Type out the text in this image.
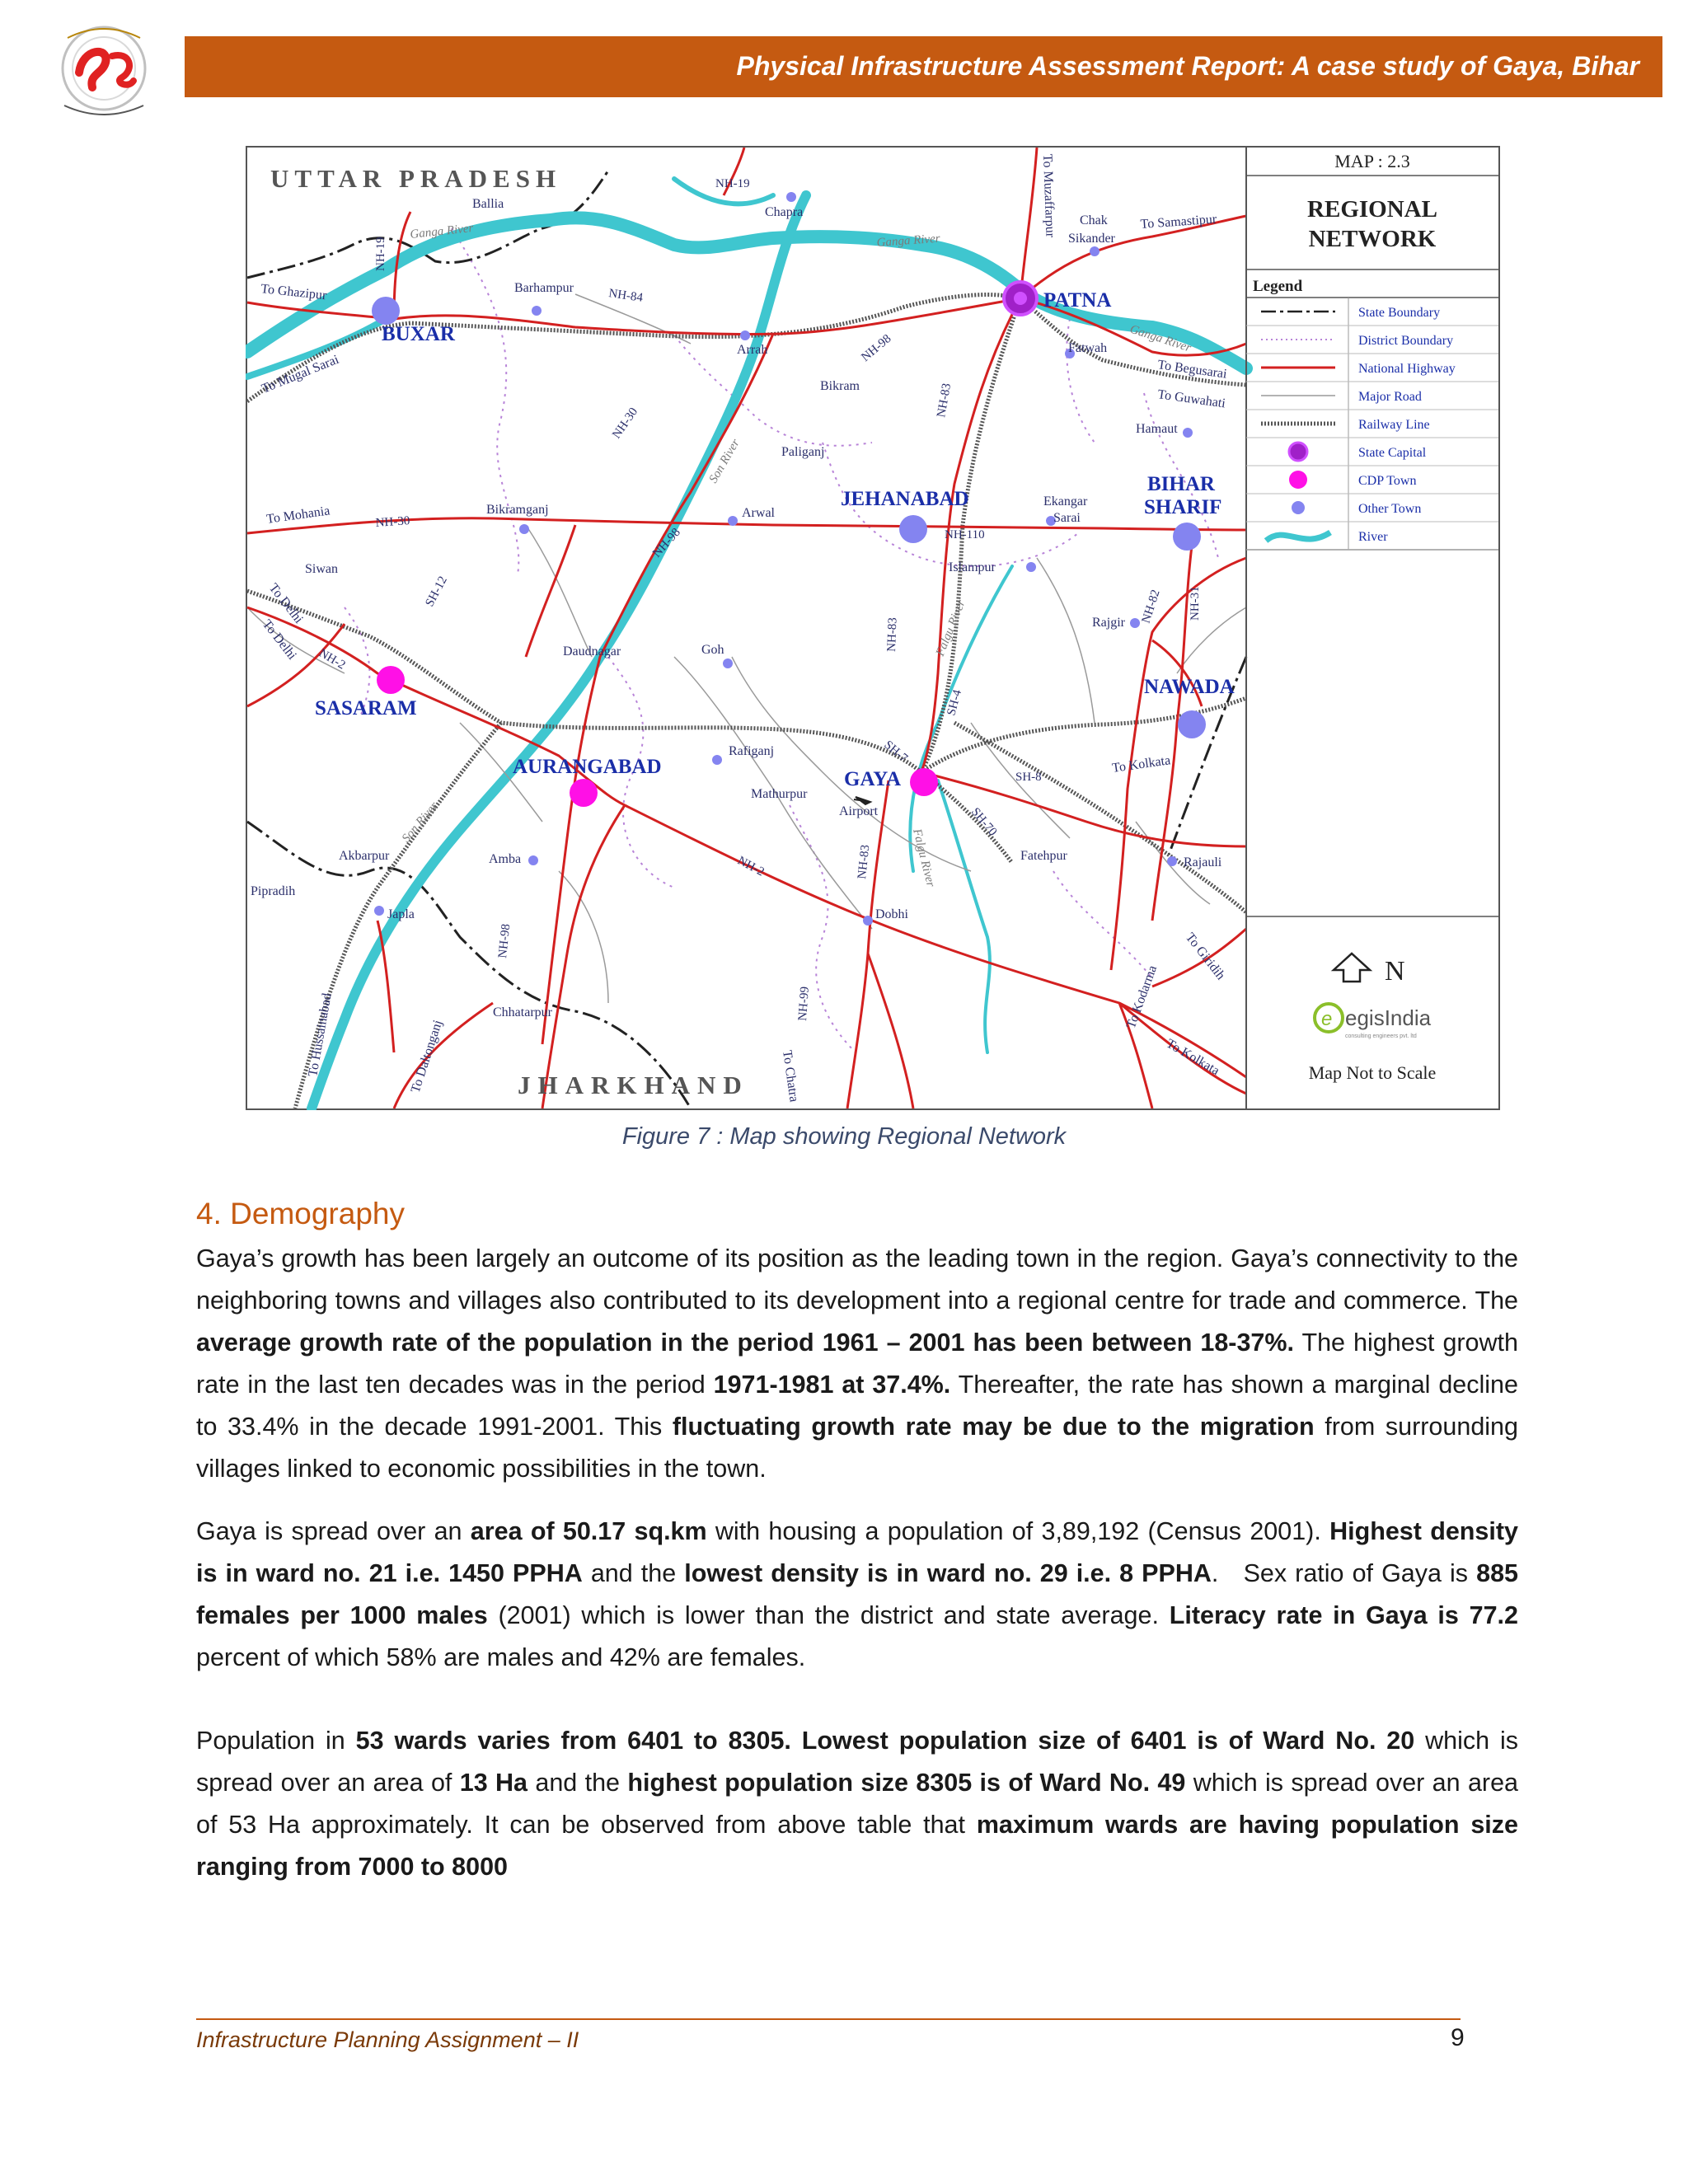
Physical Infrastructure Assessment Report: A case study of Gaya, Bihar
UTTAR PRADESH
JHARKHAND
PATNA
BUXAR
JEHANABAD
BIHAR
SHARIF
NAWADA
SASARAM
AURANGABAD
GAYA
Ballia
Chapra
Chak
Sikander
Barhampur
Arrah
Bikram
Paliganj
Fatwah
Hamaut
Arwal
Bikramganj
Ekangar
Sarai
Islampur
Siwan
Rajgir
Daudnagar	Goh
Rafiganj
Mathurpur
Airport
Akbarpur	Amba	Fatehpur	Rajauli
Pipradih
Japla	Dobhi
Chhatarpur
To Ghazipur
To Mugal Sarai
To Mohania
To Muzaffarpur	To Samastipur
To Begusarai
To Guwahati
To Delhi
To Delhi
To Kolkata
To Giridih
To Kodarma
To Kolkata
To Hussainabad	To Daltonganj	To Chatra
Ganga River	Ganga River
Ganga River
Son River
Son River
Falgu River
Falgu River
NH-19
NH-19
NH-84
NH-98
NH-30
NH-83
NH-30
NH-98	NH-110
SH-12
NH-2
NH-83
SH-4
NH-82 NH-31
SH-7
SH-8
SH-70
NH-2	NH-83
NH-98
NH-99
MAP : 2.3
REGIONAL
NETWORK
Legend
State Boundary
District Boundary
National Highway
Major Road
Railway Line
State Capital
CDP Town
Other Town
River
N
e egisIndia
consulting engineers pvt. ltd
Map Not to Scale
Figure 7 : Map showing Regional Network
4. Demography
Gaya’s growth has been largely an outcome of its position as the leading town in the region. Gaya’s connectivity to the neighboring towns and villages also contributed to its development into a regional centre for trade and commerce. The average growth rate of the population in the period 1961 – 2001 has been between 18-37%. The highest growth rate in the last ten decades was in the period 1971-1981 at 37.4%. Thereafter, the rate has shown a marginal decline to 33.4% in the decade 1991-2001. This fluctuating growth rate may be due to the migration from surrounding villages linked to economic possibilities in the town.
Gaya is spread over an area of 50.17 sq.km with housing a population of 3,89,192 (Census 2001). Highest density is in ward no. 21 i.e. 1450 PPHA and the lowest density is in ward no. 29 i.e. 8 PPHA.   Sex ratio of Gaya is 885 females per 1000 males (2001) which is lower than the district and state average. Literacy rate in Gaya is 77.2 percent of which 58% are males and 42% are females.
Population in 53 wards varies from 6401 to 8305. Lowest population size of 6401 is of Ward No. 20 which is spread over an area of 13 Ha and the highest population size 8305 is of Ward No. 49 which is spread over an area of 53 Ha approximately. It can be observed from above table that maximum wards are having population size ranging from 7000 to 8000
Infrastructure Planning Assignment – II	9
